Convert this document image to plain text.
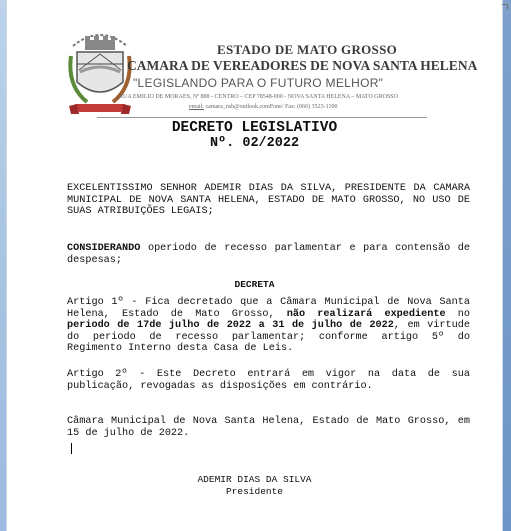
ESTADO DE MATO GROSSO
CAMARA DE VEREADORES DE NOVA SANTA HELENA
"LEGISLANDO PARA O FUTURO MELHOR"
RUA EMILIO DE MORAES, Nº 888 - CENTRO – CEP 78548-000 - NOVA SANTA HELENA – MATO GROSSO
email: camara_nsh@outlook.comFone/ Fax: (066) 3523-1100
DECRETO LEGISLATIVO
Nº. 02/2022

EXCELENTISSIMO SENHOR ADEMIR DIAS DA SILVA, PRESIDENTE DA CAMARA MUNICIPAL DE NOVA SANTA HELENA, ESTADO DE MATO GROSSO, NO USO DE SUAS ATRIBUIÇÕES LEGAIS;

CONSIDERANDO operiodo de recesso parlamentar e para contensão de despesas;

DECRETA

Artigo 1º - Fica decretado que a Câmara Municipal de Nova Santa Helena, Estado de Mato Grosso, não realizará expediente no periodo de 17de julho de 2022 a 31 de julho de 2022, em virtude do periodo de recesso parlamentar; conforme artigo 5º do Regimento Interno desta Casa de Leis.

Artigo 2º - Este Decreto entrará em vigor na data de sua publicação, revogadas as disposições em contrário.

Câmara Municipal de Nova Santa Helena, Estado de Mato Grosso, em 15 de julho de 2022.

ADEMIR DIAS DA SILVA
Presidente
